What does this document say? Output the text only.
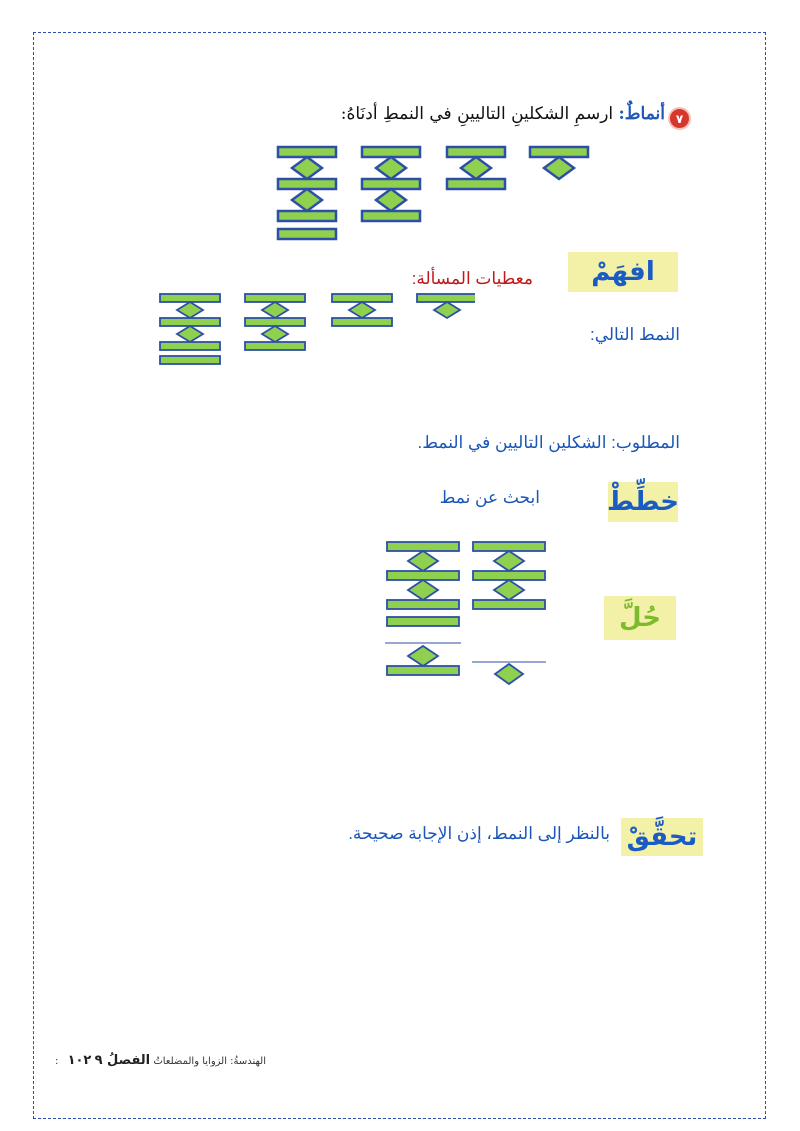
٧
أنماطٌ: ارسمِ الشكلينِ التاليينِ في النمطِ أدنَاهُ:
افهَمْ
معطيات المسألة:
النمط التالي:
المطلوب: الشكلين التاليين في النمط.
خطِّطْ
ابحث عن نمط
حُلَّ
تحقَّقْ
بالنظر إلى النمط، إذن الإجابة صحيحة.
: الهندسةُ: الزوايا والمضلعاتُ الفصلُ ٩ ١٠٢
